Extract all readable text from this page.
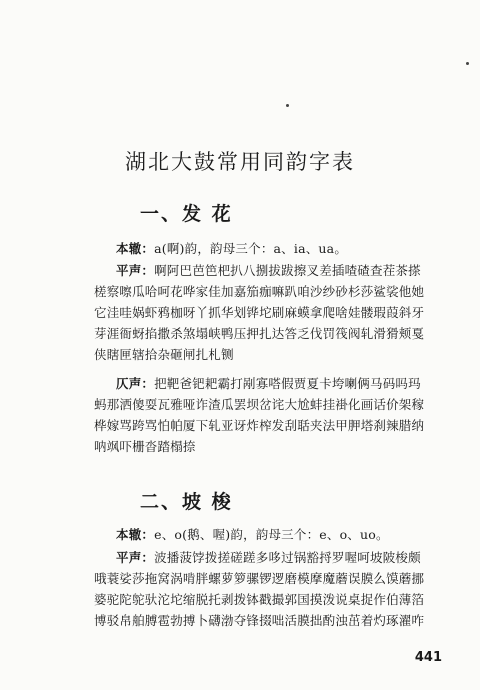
湖北大鼓常用同韵字表
一、发 花
本辙：a(啊)韵，韵母三个：a、ia、ua。
平声：啊阿巴芭笆杷扒八捌拔跋擦叉差插喳碴查茬茶搽
槎察嚓瓜哈呵花哗家佳加嘉笳痂嘛趴咱沙纱砂杉莎鲨裟他她
它洼哇娲虾鸦枷呀丫抓华划铧坨刷麻蟆拿爬啥娃髅瑕葭斜牙
芽涯衙蚜掐撒杀煞塌峡鸭压押扎达答乏伐罚筏阀轧滑猾颊戛
侠瞎匣辖拾杂砸闸扎札铡
仄声：把靶爸钯耙霸打剐寡嗒假贾夏卡垮喇俩马码吗玛
蚂那洒傻耍瓦雅哑诈渣瓜罢坝岔诧大尬蚌挂褂化画话价架稼
桦嫁骂跨骂怕帕厦下轧亚讶炸榨发刮聒夹法甲胛塔刹辣腊纳
呐飒吓栅沓踏榻捺
二、坡 梭
本辙：e、o(鹅、喔)韵，韵母三个：e、o、uo。
平声：波播菠饽拨搓磋蹉多哆过锅豁捋罗喔呵坡陂梭颇
哦蓑娑莎拖窝涡啃胖螺萝箩骡锣逻磨模摩魔蘑误膜么馍蘑挪
婆驼陀鸵驮沱坨缩脱托剥拨钵戳撮郭国摸泼说桌捉作伯薄箔
博驳帛舶膊雹勃搏卜礴渤夺锋掇咄活膜拙酌浊茁着灼琢濯咋
441
